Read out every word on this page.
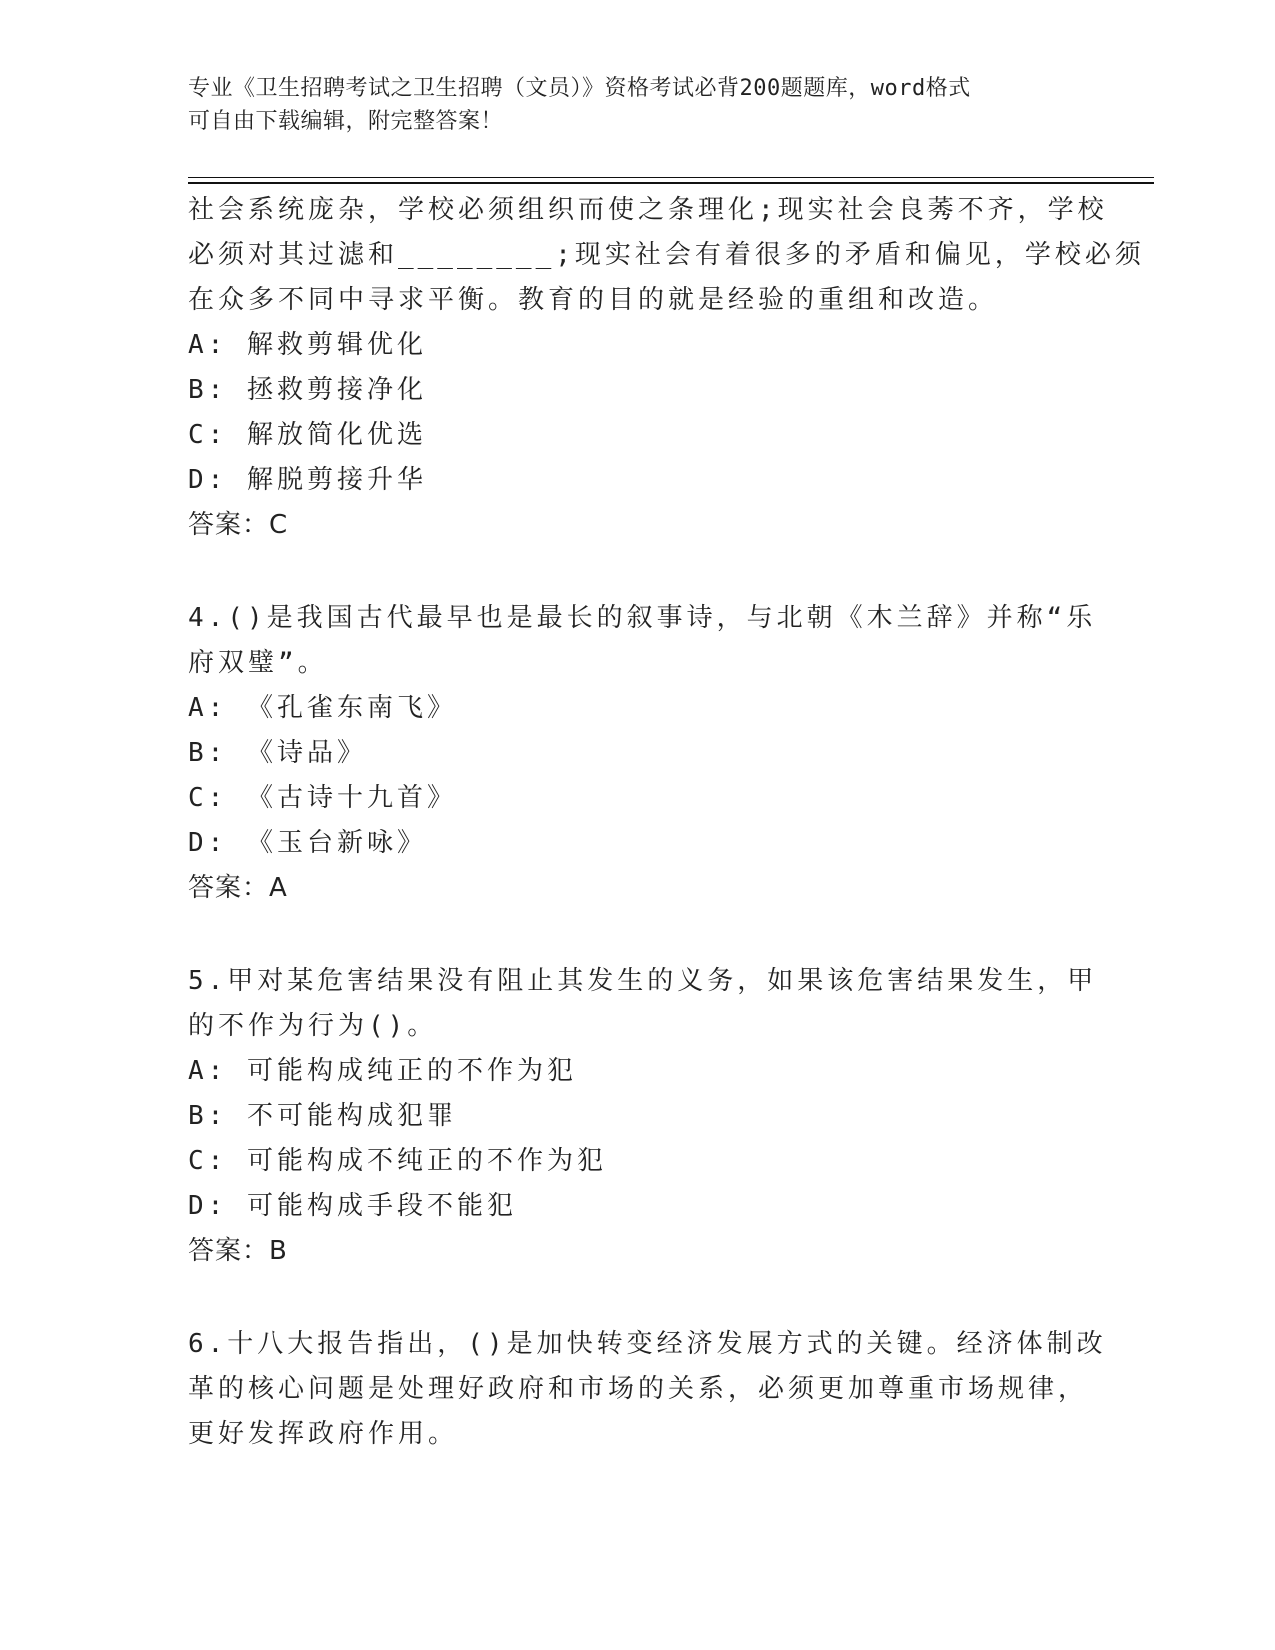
专业《卫生招聘考试之卫生招聘（文员）》资格考试必背200题题库，word格式
可自由下载编辑，附完整答案！
社会系统庞杂，学校必须组织而使之条理化;现实社会良莠不齐，学校
必须对其过滤和________;现实社会有着很多的矛盾和偏见，学校必须
在众多不同中寻求平衡。教育的目的就是经验的重组和改造。
A: 解救剪辑优化
B: 拯救剪接净化
C: 解放简化优选
D: 解脱剪接升华
答案：C
4.()是我国古代最早也是最长的叙事诗，与北朝《木兰辞》并称“乐
府双璧”。
A: 《孔雀东南飞》
B: 《诗品》
C: 《古诗十九首》
D: 《玉台新咏》
答案：A
5.甲对某危害结果没有阻止其发生的义务，如果该危害结果发生，甲
的不作为行为()。
A: 可能构成纯正的不作为犯
B: 不可能构成犯罪
C: 可能构成不纯正的不作为犯
D: 可能构成手段不能犯
答案：B
6.十八大报告指出，()是加快转变经济发展方式的关键。经济体制改
革的核心问题是处理好政府和市场的关系，必须更加尊重市场规律，
更好发挥政府作用。
